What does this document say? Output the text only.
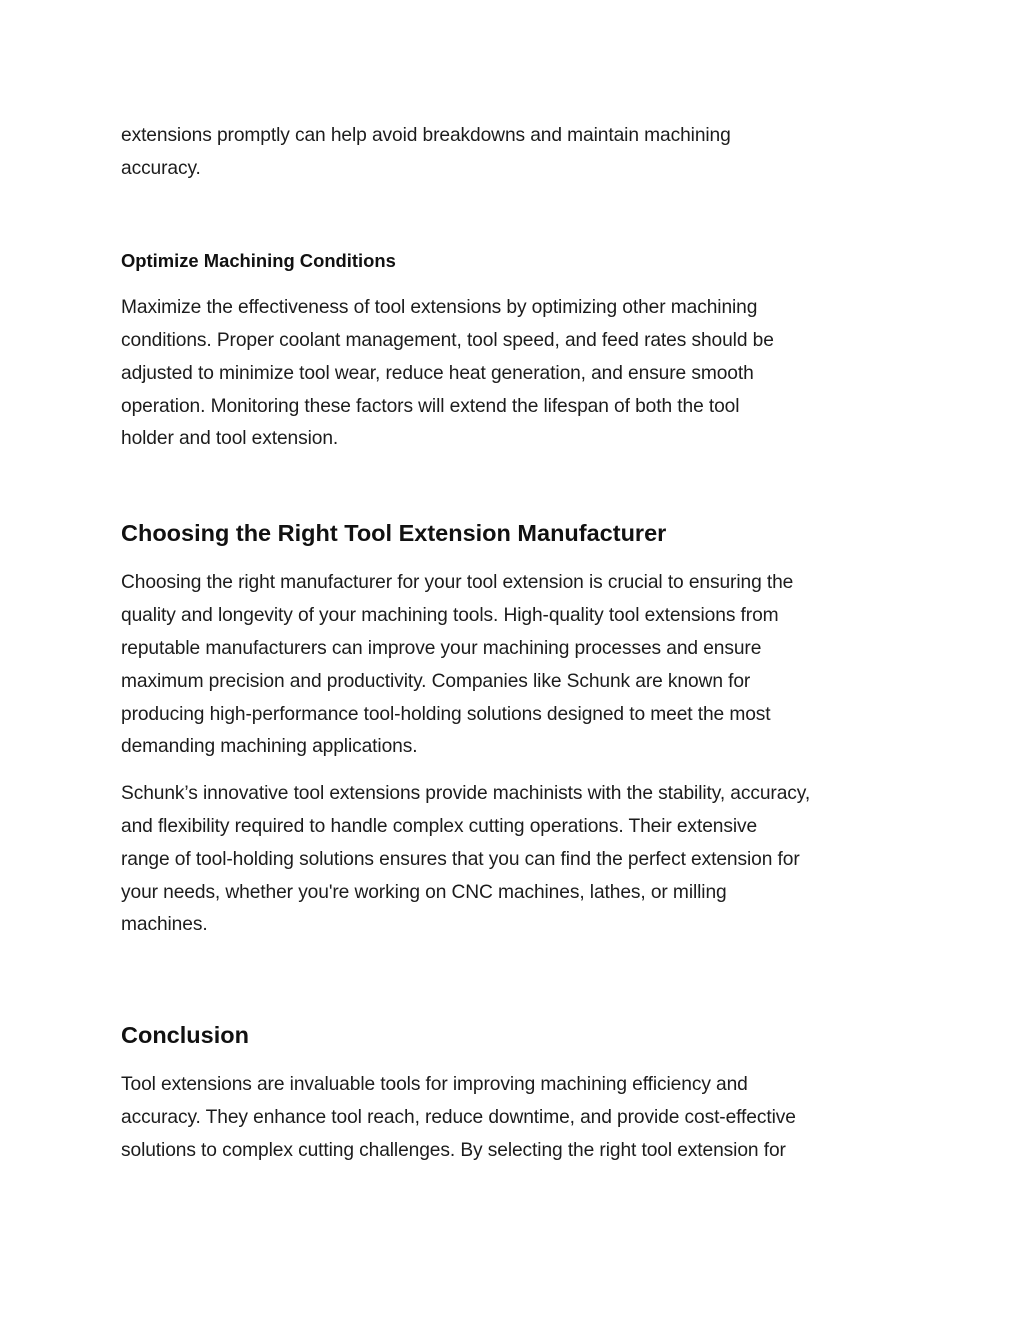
extensions promptly can help avoid breakdowns and maintain machining
accuracy.
Optimize Machining Conditions
Maximize the effectiveness of tool extensions by optimizing other machining
conditions. Proper coolant management, tool speed, and feed rates should be
adjusted to minimize tool wear, reduce heat generation, and ensure smooth
operation. Monitoring these factors will extend the lifespan of both the tool
holder and tool extension.
Choosing the Right Tool Extension Manufacturer
Choosing the right manufacturer for your tool extension is crucial to ensuring the
quality and longevity of your machining tools. High-quality tool extensions from
reputable manufacturers can improve your machining processes and ensure
maximum precision and productivity. Companies like Schunk are known for
producing high-performance tool-holding solutions designed to meet the most
demanding machining applications.
Schunk’s innovative tool extensions provide machinists with the stability, accuracy,
and flexibility required to handle complex cutting operations. Their extensive
range of tool-holding solutions ensures that you can find the perfect extension for
your needs, whether you're working on CNC machines, lathes, or milling
machines.
Conclusion
Tool extensions are invaluable tools for improving machining efficiency and
accuracy. They enhance tool reach, reduce downtime, and provide cost-effective
solutions to complex cutting challenges. By selecting the right tool extension for
